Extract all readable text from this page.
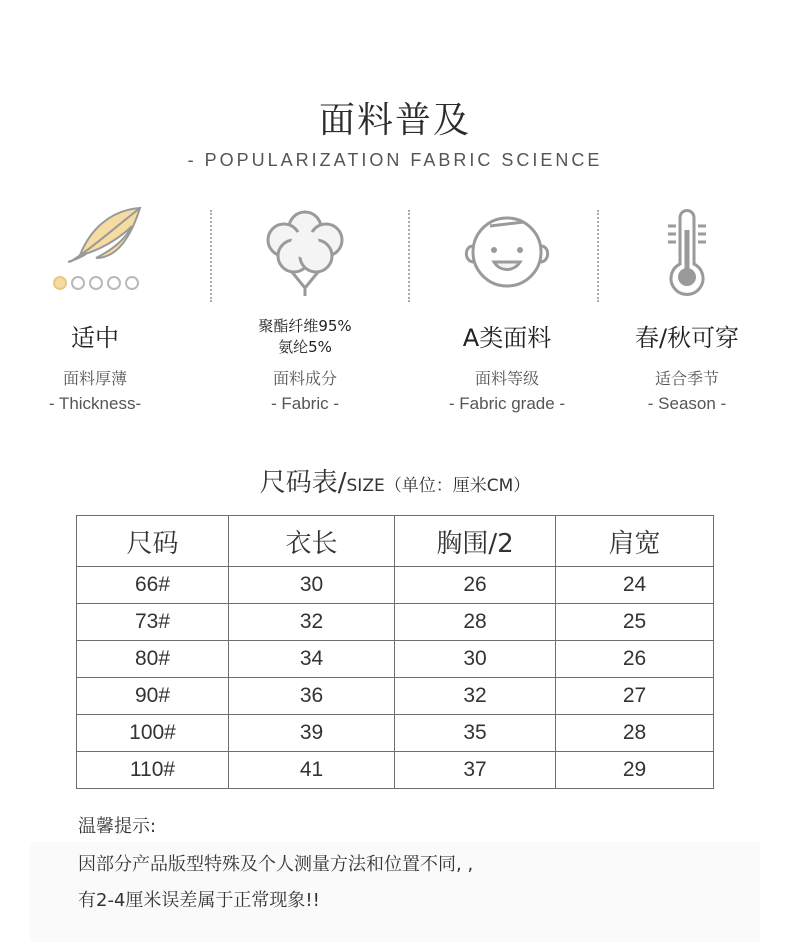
面料普及
- POPULARIZATION FABRIC SCIENCE
适中
面料厚薄
- Thickness-
聚酯纤维95%
氨纶5%
面料成分
- Fabric -
A类面料
面料等级
- Fabric grade -
春/秋可穿
适合季节
- Season -
尺码表/SIZE（单位：厘米CM）
尺码	衣长	胸围/2	肩宽
66#	30	26	24
73#	32	28	25
80#	34	30	26
90#	36	32	27
100#	39	35	28
110#	41	37	29
温馨提示:
因部分产品版型特殊及个人测量方法和位置不同, ,
有2-4厘米误差属于正常现象!!
